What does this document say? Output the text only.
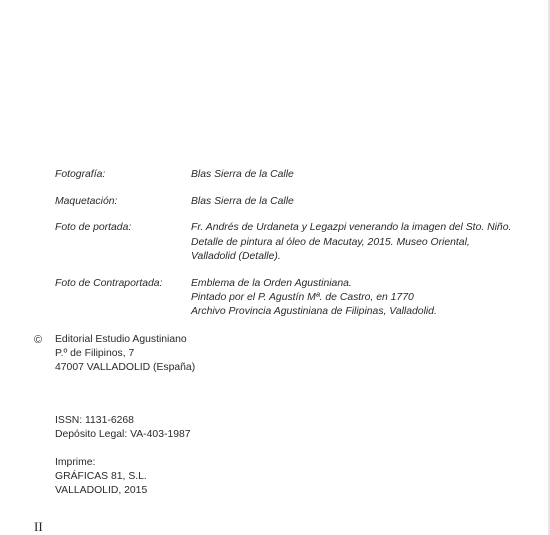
Fotografía:	Blas Sierra de la Calle
Maquetación:	Blas Sierra de la Calle
Foto de portada:	Fr. Andrés de Urdaneta y Legazpi venerando la imagen del Sto. Niño.
Detalle de pintura al óleo de Macutay, 2015. Museo Oriental,
Valladolid (Detalle).
Foto de Contraportada:	Emblema de la Orden Agustiniana.
Pintado por el P. Agustín Mª. de Castro, en 1770
Archivo Provincia Agustiniana de Filipinas, Valladolid.
©	Editorial Estudio Agustiniano
P.º de Filipinos, 7
47007 VALLADOLID (España)
ISSN: 1131-6268
Depósito Legal: VA-403-1987
Imprime:
GRÁFICAS 81, S.L.
VALLADOLID, 2015
II
